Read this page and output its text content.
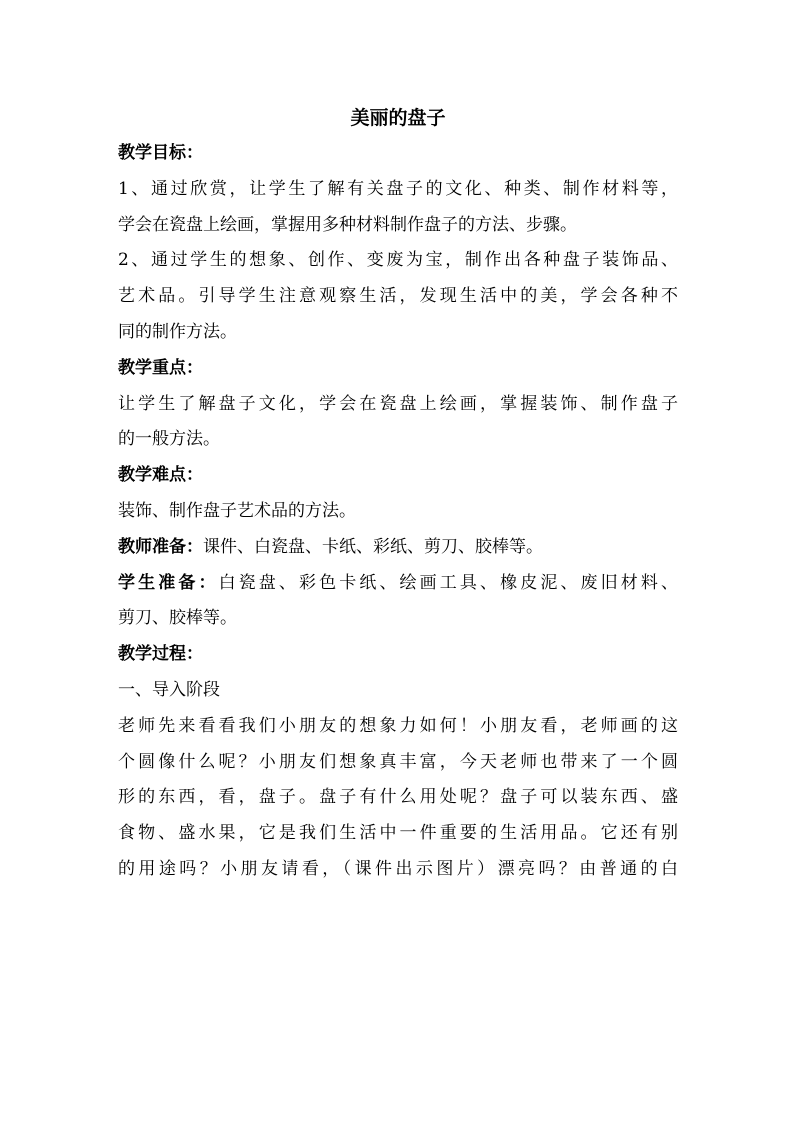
美丽的盘子

教学目标：

1、通过欣赏，让学生了解有关盘子的文化、种类、制作材料等，

学会在瓷盘上绘画，掌握用多种材料制作盘子的方法、步骤。

2、通过学生的想象、创作、变废为宝，制作出各种盘子装饰品、

艺术品。引导学生注意观察生活，发现生活中的美，学会各种不

同的制作方法。

教学重点：

让学生了解盘子文化，学会在瓷盘上绘画，掌握装饰、制作盘子

的一般方法。

教学难点：

装饰、制作盘子艺术品的方法。

教师准备：课件、白瓷盘、卡纸、彩纸、剪刀、胶棒等。

学生准备：白瓷盘、彩色卡纸、绘画工具、橡皮泥、废旧材料、

剪刀、胶棒等。

教学过程：

一、导入阶段

老师先来看看我们小朋友的想象力如何！小朋友看，老师画的这

个圆像什么呢？小朋友们想象真丰富，今天老师也带来了一个圆

形的东西，看，盘子。盘子有什么用处呢？盘子可以装东西、盛

食物、盛水果，它是我们生活中一件重要的生活用品。它还有别

的用途吗？小朋友请看，（课件出示图片）漂亮吗？由普通的白
